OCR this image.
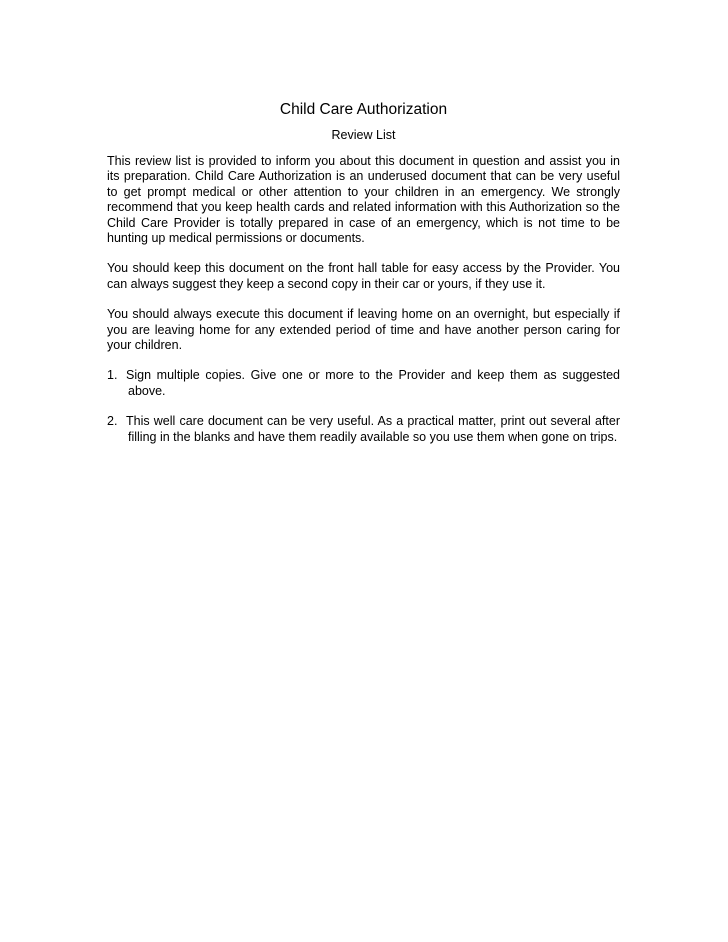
Child Care Authorization
Review List

This review list is provided to inform you about this document in question and assist you in its preparation. Child Care Authorization is an underused document that can be very useful to get prompt medical or other attention to your children in an emergency. We strongly recommend that you keep health cards and related information with this Authorization so the Child Care Provider is totally prepared in case of an emergency, which is not time to be hunting up medical permissions or documents.

You should keep this document on the front hall table for easy access by the Provider. You can always suggest they keep a second copy in their car or yours, if they use it.

You should always execute this document if leaving home on an overnight, but especially if you are leaving home for any extended period of time and have another person caring for your children.

1. Sign multiple copies. Give one or more to the Provider and keep them as suggested above.
2. This well care document can be very useful. As a practical matter, print out several after filling in the blanks and have them readily available so you use them when gone on trips.
